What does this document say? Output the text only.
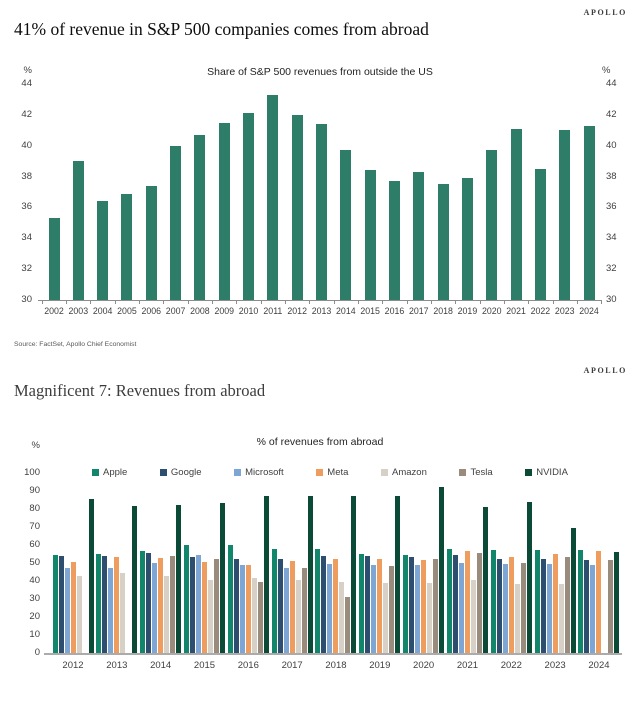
APOLLO
41% of revenue in S&P 500 companies comes from abroad
Share of S&P 500 revenues from outside the US
%	%
30	30
32	32
34	34
36	36
38	38
40	40
42	42
44	44
2002 2003 2004 2005 2006 2007 2008 2009 2010 2011 2012 2013 2014 2015 2016 2017 2018 2019 2020 2021 2022 2023 2024
Source: FactSet, Apollo Chief Economist
APOLLO
Magnificent 7: Revenues from abroad
% of revenues from abroad
Apple	Google	Microsoft	Meta	Amazon	Tesla	NVIDIA
%
0
10
20
30
40
50
60
70
80
90
100
2012	2013	2014	2015	2016	2017	2018	2019	2020	2021	2022	2023	2024
